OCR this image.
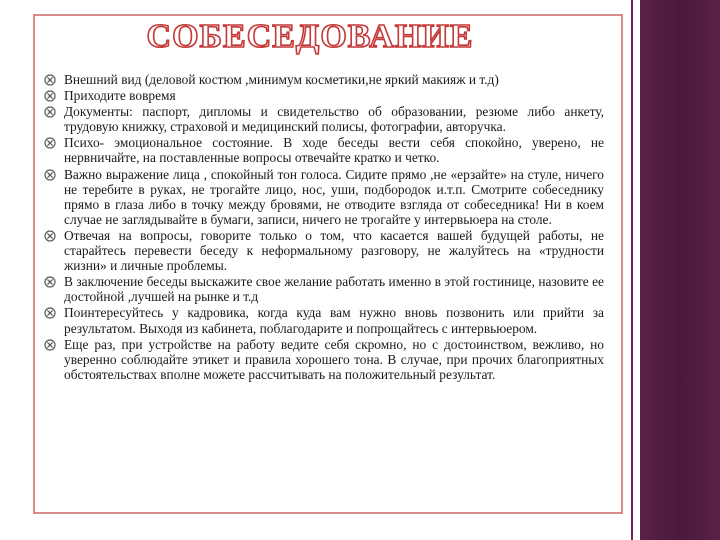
СОБЕСЕДОВАНИЕ
Внешний вид (деловой костюм ,минимум косметики,не яркий макияж и т.д)
Приходите вовремя
Документы: паспорт, дипломы и свидетельство об образовании, резюме либо анкету, трудовую книжку, страховой и медицинский полисы, фотографии, авторучка.
Психо- эмоциональное состояние. В ходе беседы вести себя спокойно, уверено, не нервничайте, на поставленные вопросы отвечайте кратко и четко.
Важно выражение лица , спокойный тон голоса. Сидите прямо ,не «ерзайте» на стуле, ничего не теребите в руках, не трогайте лицо, нос, уши, подбородок и.т.п. Смотрите собеседнику прямо в глаза либо в точку между бровями, не отводите взгляда от собеседника! Ни в коем случае не заглядывайте в бумаги, записи, ничего не трогайте у интервьюера на столе.
Отвечая на вопросы, говорите только о том, что касается вашей будущей работы, не старайтесь перевести беседу к неформальному разговору, не жалуйтесь на «трудности жизни» и личные проблемы.
В заключение беседы выскажите свое желание работать именно в этой гостинице, назовите ее достойной ,лучшей на рынке и т.д
Поинтересуйтесь у кадровика, когда куда вам нужно вновь позвонить или прийти за результатом. Выходя из кабинета, поблагодарите и попрощайтесь с интервьюером.
Еще раз, при устройстве на работу ведите себя скромно, но с достоинством, вежливо, но уверенно соблюдайте этикет и правила хорошего тона. В случае, при прочих благоприятных обстоятельствах вполне можете рассчитывать на положительный результат.
